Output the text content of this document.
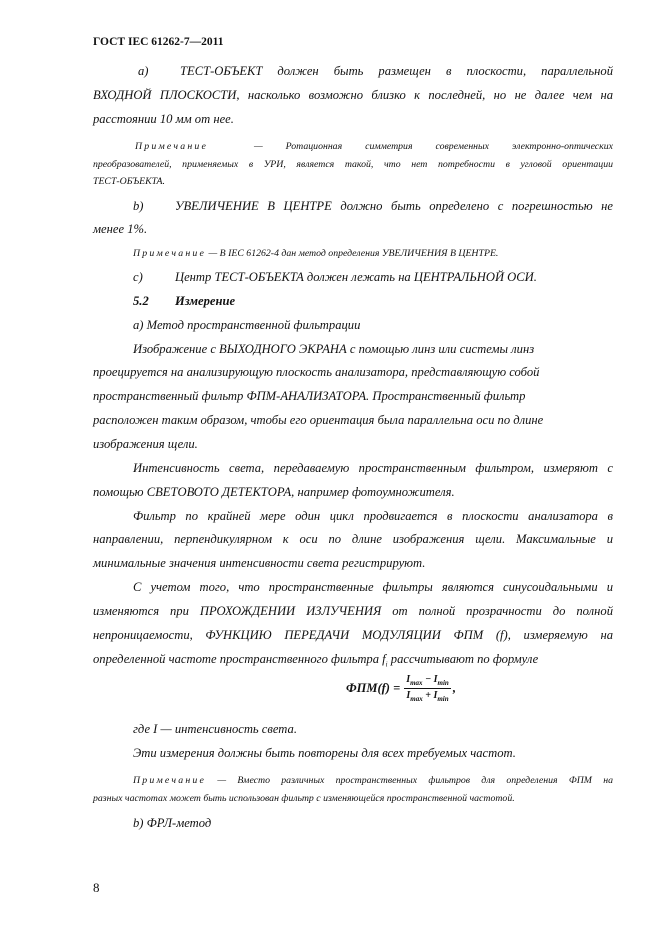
ГОСТ IEC 61262-7—2011
a)	ТЕСТ-ОБЪЕКТ должен быть размещен в плоскости, параллельной
ВХОДНОЙ ПЛОСКОСТИ, насколько возможно близко к последней, но не далее чем на
расстоянии 10 мм от нее.
Примечание	— Ротационная симметрия современных электронно-оптических
преобразователей, применяемых в УРИ, является такой, что нет потребности в угловой ориентации
ТЕСТ-ОБЪЕКТА.
b)	УВЕЛИЧЕНИЕ В ЦЕНТРЕ должно быть определено с погрешностью не
менее 1%.
Примечание — В IEC 61262-4 дан метод определения УВЕЛИЧЕНИЯ В ЦЕНТРЕ.
c)	Центр ТЕСТ-ОБЪЕКТА должен лежать на ЦЕНТРАЛЬНОЙ ОСИ.
5.2 Измерение
а) Метод пространственной фильтрации
Изображение с ВЫХОДНОГО ЭКРАНА с помощью линз или системы линз
проецируется на анализирующую плоскость анализатора, представляющую собой
пространственный фильтр ФПМ-АНАЛИЗАТОРА. Пространственный фильтр
расположен таким образом, чтобы его ориентация была параллельна оси по длине
изображения щели.
Интенсивность света, передаваемую пространственным фильтром, измеряют с
помощью СВЕТОВОТО ДЕТЕКТОРА, например фотоумножителя.
Фильтр по крайней мере один цикл продвигается в плоскости анализатора в
направлении, перпендикулярном к оси по длине изображения щели. Максимальные и
минимальные значения интенсивности света регистрируют.
С учетом того, что пространственные фильтры являются синусоидальными и
изменяются при ПРОХОЖДЕНИИ ИЗЛУЧЕНИЯ от полной прозрачности до полной
непроницаемости, ФУНКЦИЮ ПЕРЕДАЧИ МОДУЛЯЦИИ ФПМ (f), измеряемую на
определенной частоте пространственного фильтра $f_i$ рассчитывают по формуле
$ФПМ(f) = \frac{I_{max} - I_{min}}{I_{max} + I_{min}}$ ,
где I — интенсивность света.
Эти измерения должны быть повторены для всех требуемых частот.
Примечание — Вместо различных пространственных фильтров для определения ФПМ на
разных частотах может быть использован фильтр с изменяющейся пространственной частотой.
b) ФРЛ-метод
8
